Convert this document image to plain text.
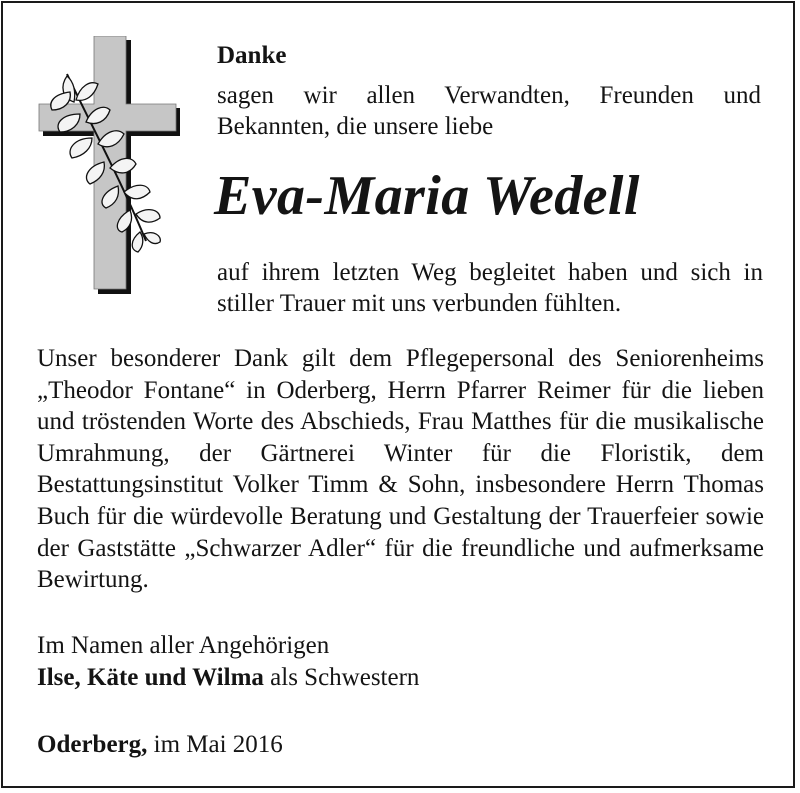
Danke
sagen wir allen Verwandten, Freunden und Bekannten, die unsere liebe
Eva-Maria Wedell
auf ihrem letzten Weg begleitet haben und sich in stiller Trauer mit uns verbunden fühlten.
Unser besonderer Dank gilt dem Pflegepersonal des Seniorenheims „Theodor Fontane“ in Oderberg, Herrn Pfarrer Reimer für die lieben und tröstenden Worte des Abschieds, Frau Matthes für die musikalische Umrahmung, der Gärtnerei Winter für die Floristik, dem Bestattungsinstitut Volker Timm & Sohn, insbesondere Herrn Thomas Buch für die würdevolle Beratung und Gestaltung der Trauerfeier sowie der Gaststätte „Schwarzer Adler“ für die freundliche und aufmerksame Bewirtung.
Im Namen aller Angehörigen
Ilse, Käte und Wilma als Schwestern
Oderberg, im Mai 2016
